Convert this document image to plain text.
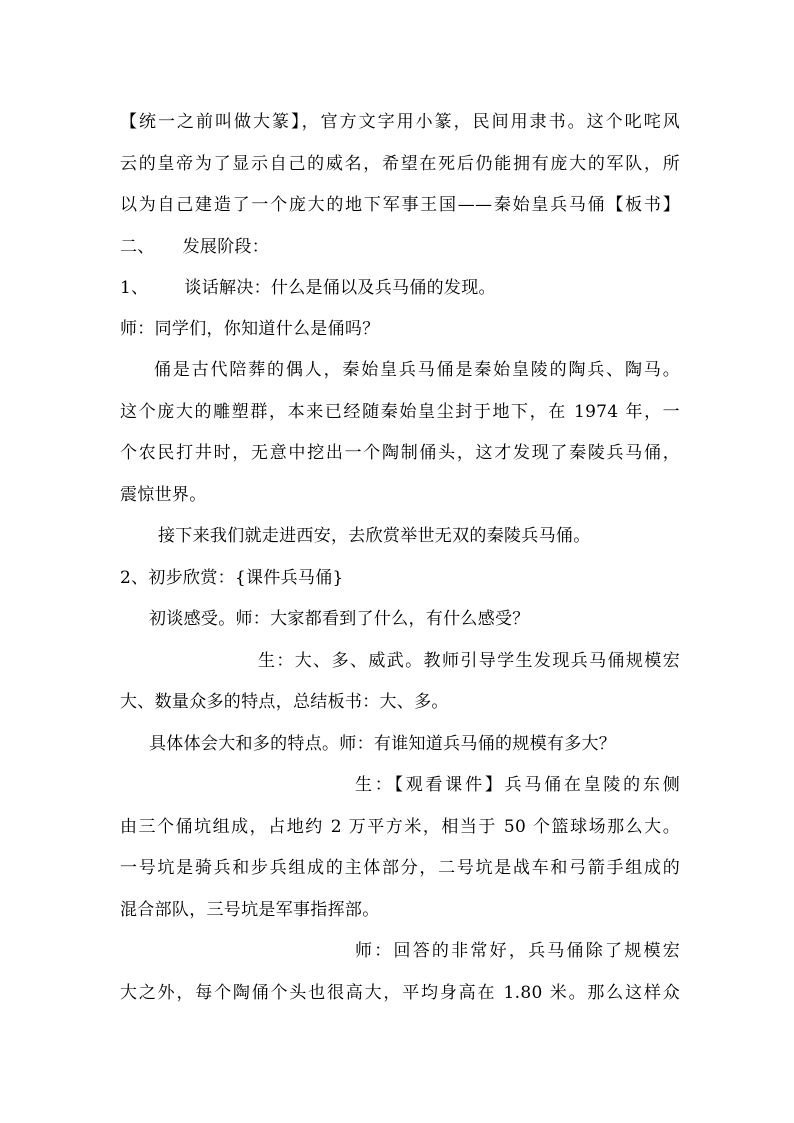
【统一之前叫做大篆】，官方文字用小篆，民间用隶书。这个叱咤风
云的皇帝为了显示自己的威名，希望在死后仍能拥有庞大的军队，所
以为自己建造了一个庞大的地下军事王国——秦始皇兵马俑【板书】
二、 发展阶段：
1、 谈话解决：什么是俑以及兵马俑的发现。
师：同学们，你知道什么是俑吗？
俑是古代陪葬的偶人，秦始皇兵马俑是秦始皇陵的陶兵、陶马。
这个庞大的雕塑群，本来已经随秦始皇尘封于地下，在 1974 年，一
个农民打井时，无意中挖出一个陶制俑头，这才发现了秦陵兵马俑，
震惊世界。
接下来我们就走进西安，去欣赏举世无双的秦陵兵马俑。
2、初步欣赏：{课件兵马俑}
初谈感受。师：大家都看到了什么，有什么感受？
生：大、多、威武。教师引导学生发现兵马俑规模宏
大、数量众多的特点，总结板书：大、多。
具体体会大和多的特点。师：有谁知道兵马俑的规模有多大？
生：【观看课件】兵马俑在皇陵的东侧
由三个俑坑组成，占地约 2 万平方米，相当于 50 个篮球场那么大。
一号坑是骑兵和步兵组成的主体部分，二号坑是战车和弓箭手组成的
混合部队，三号坑是军事指挥部。
师：回答的非常好，兵马俑除了规模宏
大之外，每个陶俑个头也很高大，平均身高在 1.80 米。那么这样众
